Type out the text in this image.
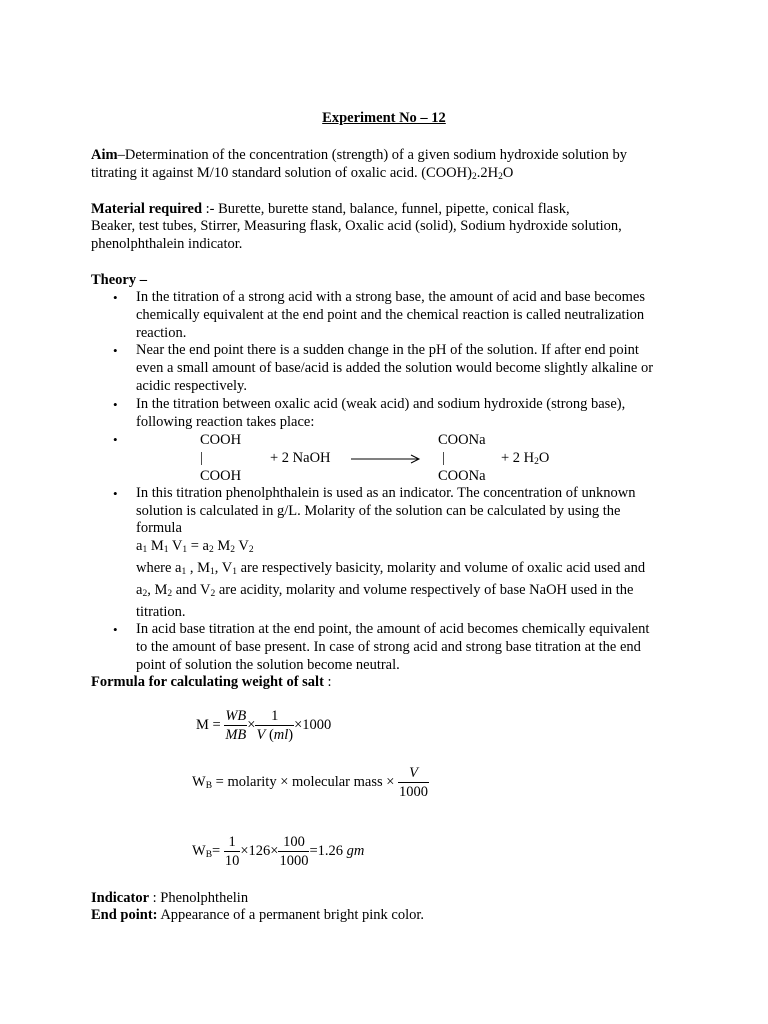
Experiment No – 12
Aim–Determination of the concentration (strength) of a given sodium hydroxide solution by
titrating it against M/10 standard solution of oxalic acid. $(COOH)_2.2H_2O$
Material required :- Burette, burette stand, balance, funnel, pipette, conical flask,
Beaker, test tubes, Stirrer, Measuring flask, Oxalic acid (solid), Sodium hydroxide solution,
phenolphthalein indicator.
Theory –
• In the titration of a strong acid with a strong base, the amount of acid and base becomes
chemically equivalent at the end point and the chemical reaction is called neutralization
reaction.
• Near the end point there is a sudden change in the pH of the solution. If after end point
even a small amount of base/acid is added the solution would become slightly alkaline or
acidic respectively.
• In the titration between oxalic acid (weak acid) and sodium hydroxide (strong base),
following reaction takes place:
•
• In this titration phenolphthalein is used as an indicator. The concentration of unknown
solution is calculated in g/L. Molarity of the solution can be calculated by using the
formula
$a_1$ $M_1$ $V_1 = a_2$ $M_2$ $V_2$
where $a_1$ , $M_1$, $V_1$ are respectively basicity, molarity and volume of oxalic acid used and
$a_2$, $M_2$ and $V_2$ are acidity, molarity and volume respectively of base NaOH used in the
titration.
• In acid base titration at the end point, the amount of acid becomes chemically equivalent
to the amount of base present. In case of strong acid and strong base titration at the end
point of solution the solution become neutral.
COOH
|
COOH
+ 2 NaOH
COONa
|
COONa
+ 2 $H_2O$
Formula for calculating weight of salt :
$M = \frac{WB}{MB} \times \frac{1}{V (ml)} \times 1000$
$W_B$ = molarity × molecular mass × $\frac{V}{1000}$
$W_B= \frac{1}{10} \times 126\times \frac{100}{1000} =1.26$ gm
Indicator : Phenolphthelin
End point: Appearance of a permanent bright pink color.
